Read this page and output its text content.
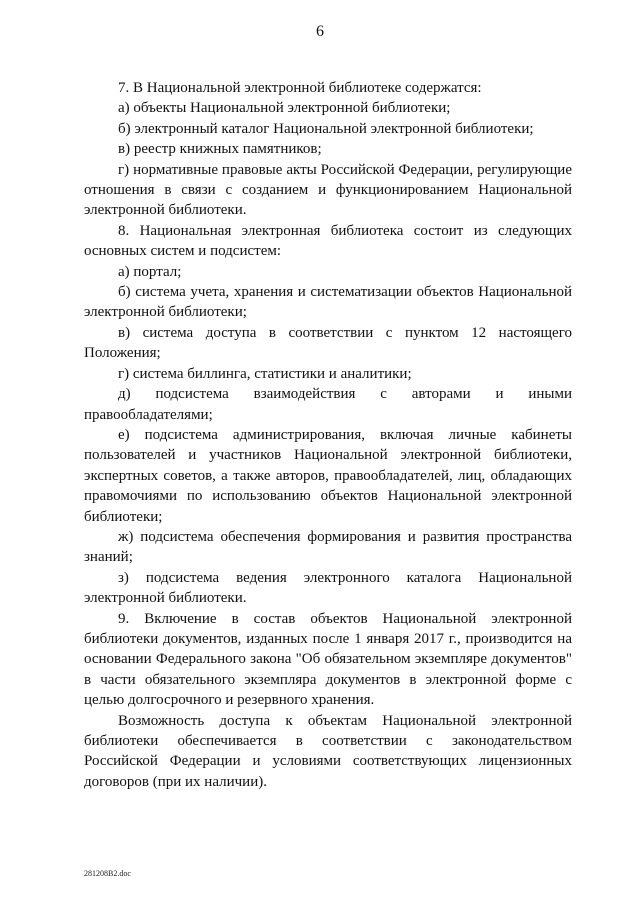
6

7. В Национальной электронной библиотеке содержатся:

а) объекты Национальной электронной библиотеки;

б) электронный каталог Национальной электронной библиотеки;

в) реестр книжных памятников;

г) нормативные правовые акты Российской Федерации, регулирующие отношения в связи с созданием и функционированием Национальной электронной библиотеки.

8. Национальная электронная библиотека состоит из следующих основных систем и подсистем:

а) портал;

б) система учета, хранения и систематизации объектов Национальной электронной библиотеки;

в) система доступа в соответствии с пунктом 12 настоящего Положения;

г) система биллинга, статистики и аналитики;

д) подсистема взаимодействия с авторами и иными правообладателями;

е) подсистема администрирования, включая личные кабинеты пользователей и участников Национальной электронной библиотеки, экспертных советов, а также авторов, правообладателей, лиц, обладающих правомочиями по использованию объектов Национальной электронной библиотеки;

ж) подсистема обеспечения формирования и развития пространства знаний;

з) подсистема ведения электронного каталога Национальной электронной библиотеки.

9. Включение в состав объектов Национальной электронной библиотеки документов, изданных после 1 января 2017 г., производится на основании Федерального закона "Об обязательном экземпляре документов" в части обязательного экземпляра документов в электронной форме с целью долгосрочного и резервного хранения.

Возможность доступа к объектам Национальной электронной библиотеки обеспечивается в соответствии с законодательством Российской Федерации и условиями соответствующих лицензионных договоров (при их наличии).

281208B2.doc
